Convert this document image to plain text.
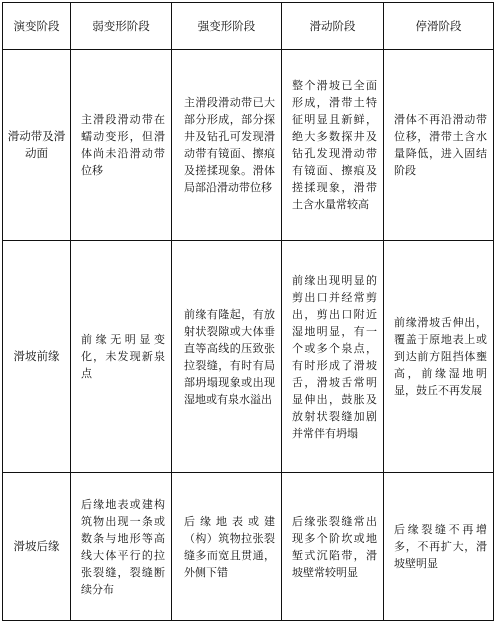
演变阶段	弱变形阶段	强变形阶段	滑动阶段	停滑阶段
滑动带及滑动面	主滑段滑动带在蠕动变形，但滑体尚未沿滑动带位移	主滑段滑动带已大部分形成，部分探井及钻孔可发现滑动带有镜面、擦痕及搓揉现象。滑体局部沿滑动带位移	整个滑坡已全面形成，滑带土特征明显且新鲜，绝大多数探井及钻孔发现滑动带有镜面、擦痕及搓揉现象，滑带土含水量常较高	滑体不再沿滑动带位移，滑带土含水量降低，进入固结阶段
滑坡前缘	前缘无明显变化，未发现新泉点	前缘有隆起，有放射状裂隙或大体垂直等高线的压致张拉裂缝，有时有局部坍塌现象或出现湿地或有泉水溢出	前缘出现明显的剪出口并经常剪出，剪出口附近湿地明显，有一个或多个泉点，有时形成了滑坡舌，滑坡舌常明显伸出，鼓胀及放射状裂缝加剧并常伴有坍塌	前缘滑坡舌伸出，覆盖于原地表上或到达前方阻挡体壅高，前缘湿地明显，鼓丘不再发展
滑坡后缘	后缘地表或建构筑物出现一条或数条与地形等高线大体平行的拉张裂缝，裂缝断续分布	后缘地表或建（构）筑物拉张裂缝多而宽且贯通，外侧下错	后缘张裂缝常出现多个阶坎或地堑式沉陷带，滑坡壁常较明显	后缘裂缝不再增多，不再扩大，滑坡壁明显
